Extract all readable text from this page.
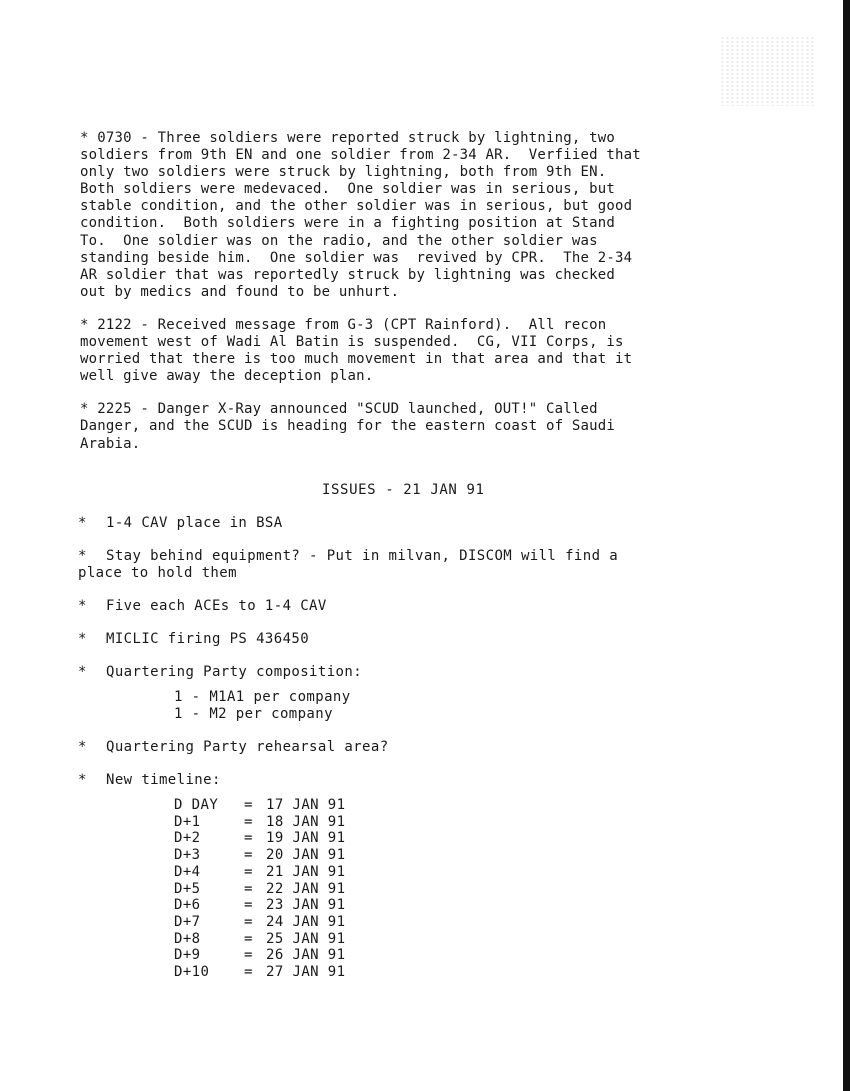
* 0730 - Three soldiers were reported struck by lightning, two
soldiers from 9th EN and one soldier from 2-34 AR.  Verfiied that
only two soldiers were struck by lightning, both from 9th EN.
Both soldiers were medevaced.  One soldier was in serious, but
stable condition, and the other soldier was in serious, but good
condition.  Both soldiers were in a fighting position at Stand
To.  One soldier was on the radio, and the other soldier was
standing beside him.  One soldier was  revived by CPR.  The 2-34
AR soldier that was reportedly struck by lightning was checked
out by medics and found to be unhurt.

* 2122 - Received message from G-3 (CPT Rainford).  All recon
movement west of Wadi Al Batin is suspended.  CG, VII Corps, is
worried that there is too much movement in that area and that it
well give away the deception plan.

* 2225 - Danger X-Ray announced "SCUD launched, OUT!" Called
Danger, and the SCUD is heading for the eastern coast of Saudi
Arabia.

ISSUES - 21 JAN 91

* 1-4 CAV place in BSA

* Stay behind equipment? - Put in milvan, DISCOM will find a
place to hold them

* Five each ACEs to 1-4 CAV

* MICLIC firing PS 436450

* Quartering Party composition:

1 - M1A1 per company
1 - M2 per company

* Quartering Party rehearsal area?

* New timeline:

D DAY	= 17 JAN 91
D+1	= 18 JAN 91
D+2	= 19 JAN 91
D+3	= 20 JAN 91
D+4	= 21 JAN 91
D+5	= 22 JAN 91
D+6	= 23 JAN 91
D+7	= 24 JAN 91
D+8	= 25 JAN 91
D+9	= 26 JAN 91
D+10	= 27 JAN 91
